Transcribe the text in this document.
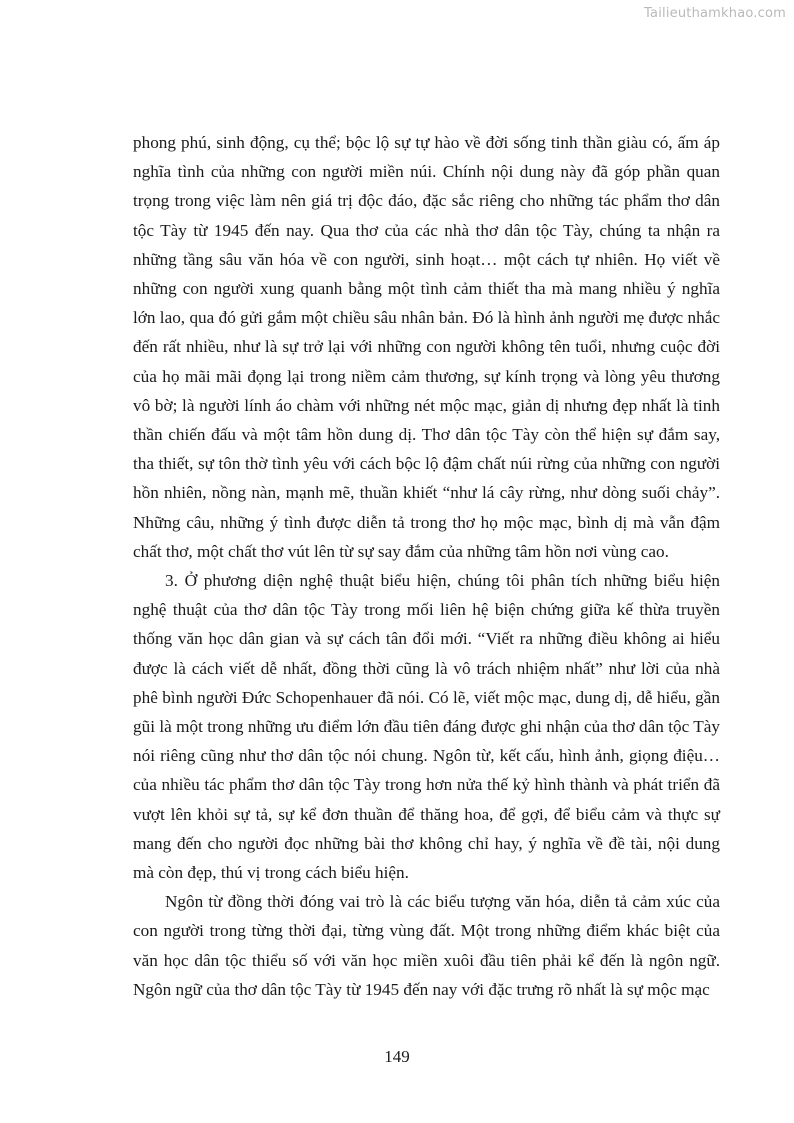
Tailieuthamkhao.com

phong phú, sinh động, cụ thể; bộc lộ sự tự hào về đời sống tinh thần giàu có, ấm áp nghĩa tình của những con người miền núi. Chính nội dung này đã góp phần quan trọng trong việc làm nên giá trị độc đáo, đặc sắc riêng cho những tác phẩm thơ dân tộc Tày từ 1945 đến nay. Qua thơ của các nhà thơ dân tộc Tày, chúng ta nhận ra những tầng sâu văn hóa về con người, sinh hoạt… một cách tự nhiên. Họ viết về những con người xung quanh bằng một tình cảm thiết tha mà mang nhiều ý nghĩa lớn lao, qua đó gửi gắm một chiều sâu nhân bản. Đó là hình ảnh người mẹ được nhắc đến rất nhiều, như là sự trở lại với những con người không tên tuổi, nhưng cuộc đời của họ mãi mãi đọng lại trong niềm cảm thương, sự kính trọng và lòng yêu thương vô bờ; là người lính áo chàm với những nét mộc mạc, giản dị nhưng đẹp nhất là tinh thần chiến đấu và một tâm hồn dung dị. Thơ dân tộc Tày còn thể hiện sự đắm say, tha thiết, sự tôn thờ tình yêu với cách bộc lộ đậm chất núi rừng của những con người hồn nhiên, nồng nàn, mạnh mẽ, thuần khiết “như lá cây rừng, như dòng suối chảy”. Những câu, những ý tình được diễn tả trong thơ họ mộc mạc, bình dị mà vẫn đậm chất thơ, một chất thơ vút lên từ sự say đắm của những tâm hồn nơi vùng cao.

3. Ở phương diện nghệ thuật biểu hiện, chúng tôi phân tích những biểu hiện nghệ thuật của thơ dân tộc Tày trong mối liên hệ biện chứng giữa kế thừa truyền thống văn học dân gian và sự cách tân đổi mới. “Viết ra những điều không ai hiểu được là cách viết dễ nhất, đồng thời cũng là vô trách nhiệm nhất” như lời của nhà phê bình người Đức Schopenhauer đã nói. Có lẽ, viết mộc mạc, dung dị, dễ hiểu, gần gũi là một trong những ưu điểm lớn đầu tiên đáng được ghi nhận của thơ dân tộc Tày nói riêng cũng như thơ dân tộc nói chung. Ngôn từ, kết cấu, hình ảnh, giọng điệu… của nhiều tác phẩm thơ dân tộc Tày trong hơn nửa thế kỷ hình thành và phát triển đã vượt lên khỏi sự tả, sự kể đơn thuần để thăng hoa, để gợi, để biểu cảm và thực sự mang đến cho người đọc những bài thơ không chỉ hay, ý nghĩa về đề tài, nội dung mà còn đẹp, thú vị trong cách biểu hiện.

Ngôn từ đồng thời đóng vai trò là các biểu tượng văn hóa, diễn tả cảm xúc của con người trong từng thời đại, từng vùng đất. Một trong những điểm khác biệt của văn học dân tộc thiểu số với văn học miền xuôi đầu tiên phải kể đến là ngôn ngữ. Ngôn ngữ của thơ dân tộc Tày từ 1945 đến nay với đặc trưng rõ nhất là sự mộc mạc

149
